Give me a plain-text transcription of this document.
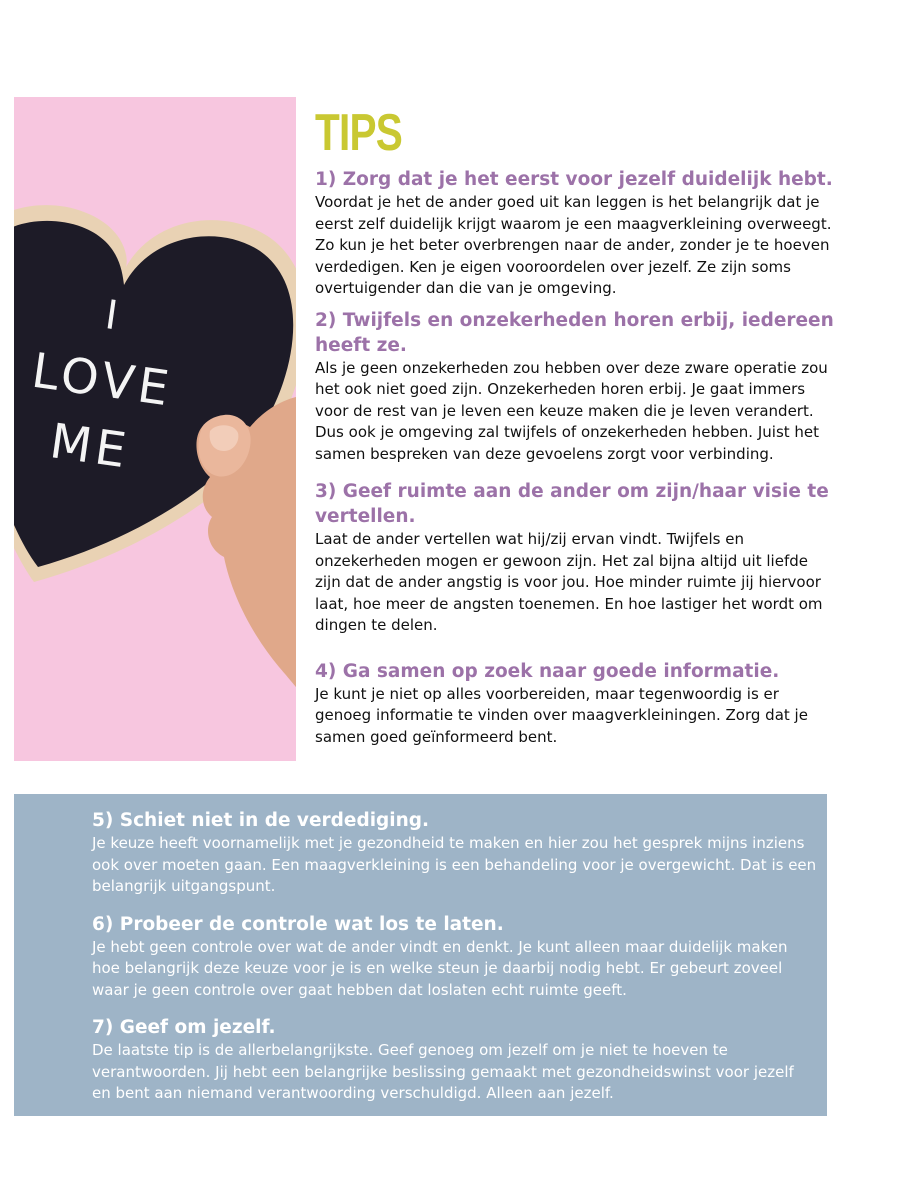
I
LOVE
ME
TIPS
1) Zorg dat je het eerst voor jezelf duidelijk hebt.

Voordat je het de ander goed uit kan leggen is het belangrijk dat je eerst zelf duidelijk krijgt waarom je een maagverkleining overweegt. Zo kun je het beter overbrengen naar de ander, zonder je te hoeven verdedigen. Ken je eigen vooroordelen over jezelf. Ze zijn soms overtuigender dan die van je omgeving.

2) Twijfels en onzekerheden horen erbij, iedereen heeft ze.

Als je geen onzekerheden zou hebben over deze zware operatie zou het ook niet goed zijn. Onzekerheden horen erbij. Je gaat immers voor de rest van je leven een keuze maken die je leven verandert. Dus ook je omgeving zal twijfels of onzekerheden hebben. Juist het samen bespreken van deze gevoelens zorgt voor verbinding.

3) Geef ruimte aan de ander om zijn/haar visie te vertellen.

Laat de ander vertellen wat hij/zij ervan vindt. Twijfels en onzekerheden mogen er gewoon zijn. Het zal bijna altijd uit liefde zijn dat de ander angstig is voor jou. Hoe minder ruimte jij hiervoor laat, hoe meer de angsten toenemen. En hoe lastiger het wordt om dingen te delen.

4) Ga samen op zoek naar goede informatie.

Je kunt je niet op alles voorbereiden, maar tegenwoordig is er genoeg informatie te vinden over maagverkleiningen. Zorg dat je samen goed geïnformeerd bent.

5) Schiet niet in de verdediging.

Je keuze heeft voornamelijk met je gezondheid te maken en hier zou het gesprek mijns inziens ook over moeten gaan. Een maagverkleining is een behandeling voor je overgewicht. Dat is een belangrijk uitgangspunt.

6) Probeer de controle wat los te laten.

Je hebt geen controle over wat de ander vindt en denkt. Je kunt alleen maar duidelijk maken hoe belangrijk deze keuze voor je is en welke steun je daarbij nodig hebt. Er gebeurt zoveel waar je geen controle over gaat hebben dat loslaten echt ruimte geeft.

7) Geef om jezelf.

De laatste tip is de allerbelangrijkste. Geef genoeg om jezelf om je niet te hoeven te verantwoorden. Jij hebt een belangrijke beslissing gemaakt met gezondheidswinst voor jezelf en bent aan niemand verantwoording verschuldigd. Alleen aan jezelf.
